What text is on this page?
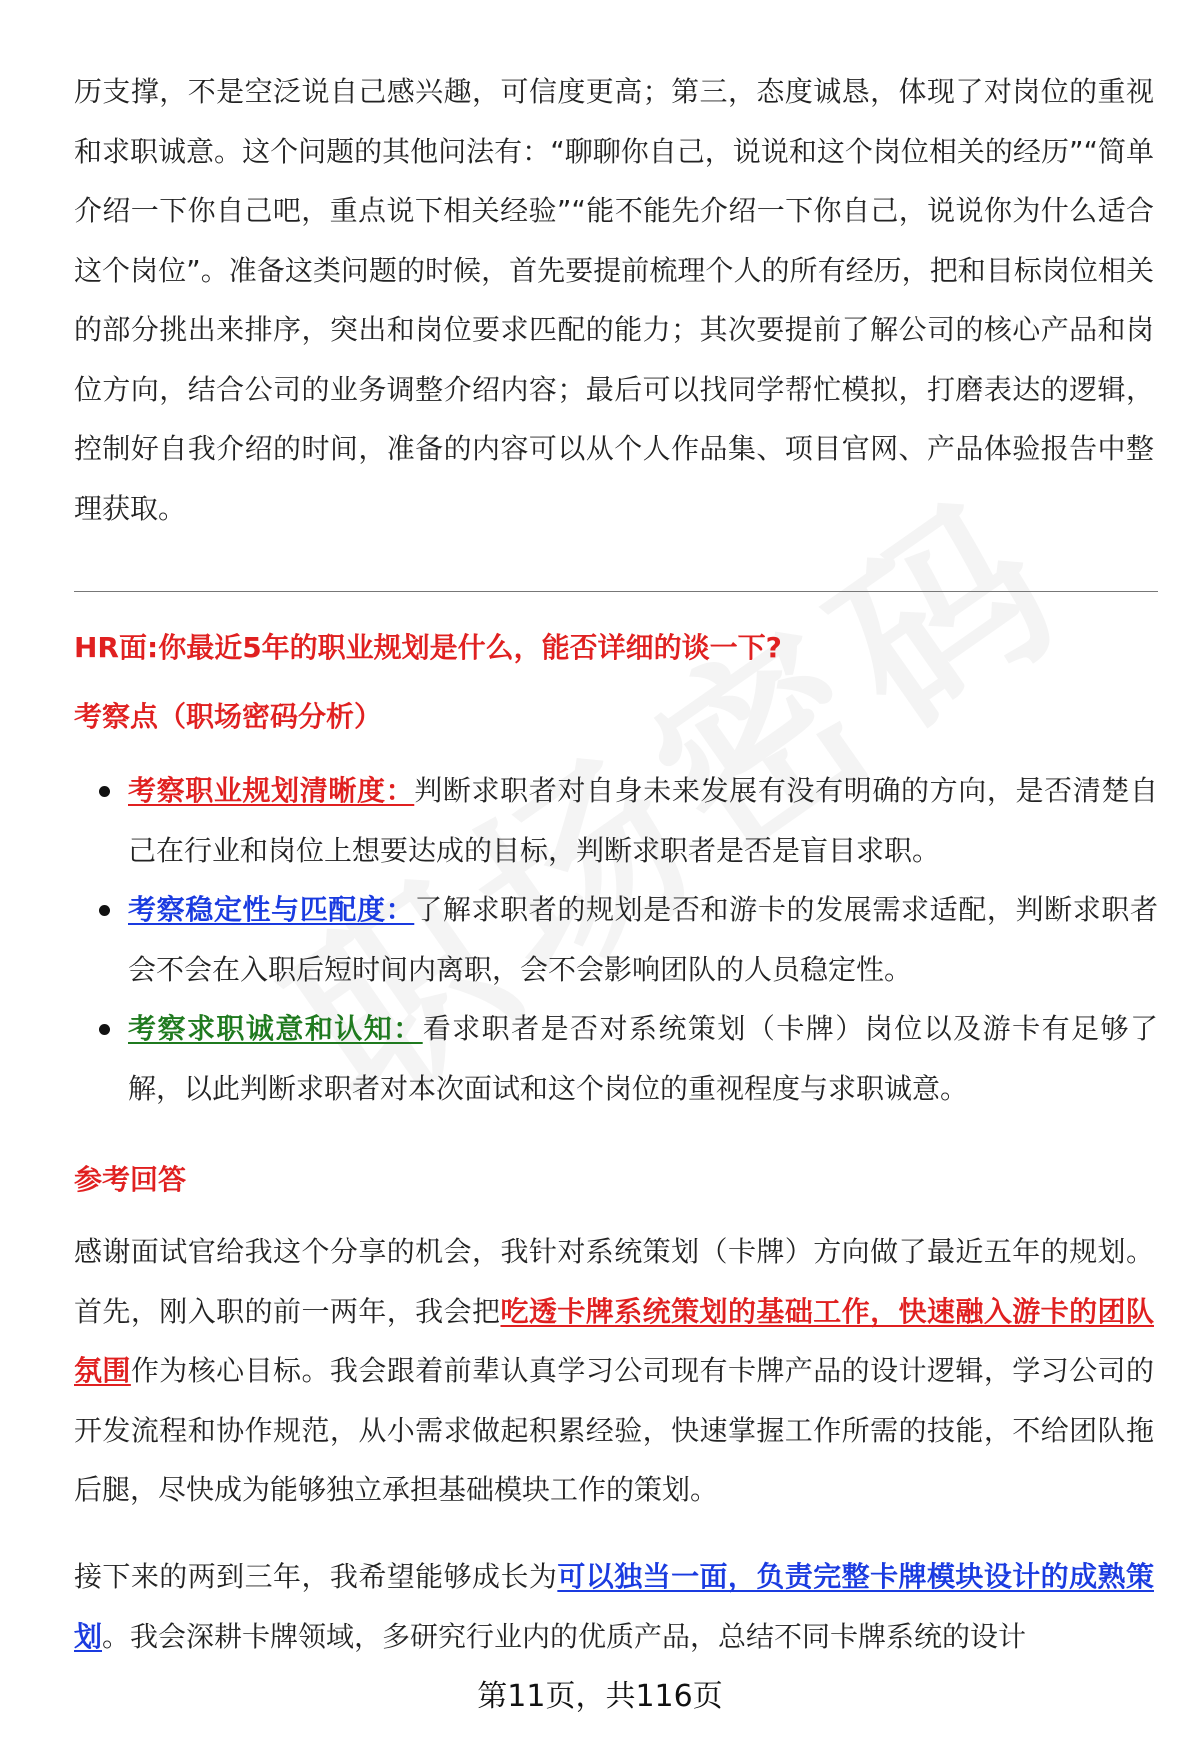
历支撑，不是空泛说自己感兴趣，可信度更高；第三，态度诚恳，体现了对岗位的重视和求职诚意。这个问题的其他问法有：“聊聊你自己，说说和这个岗位相关的经历”“简单介绍一下你自己吧，重点说下相关经验”“能不能先介绍一下你自己，说说你为什么适合这个岗位”。准备这类问题的时候，首先要提前梳理个人的所有经历，把和目标岗位相关的部分挑出来排序，突出和岗位要求匹配的能力；其次要提前了解公司的核心产品和岗位方向，结合公司的业务调整介绍内容；最后可以找同学帮忙模拟，打磨表达的逻辑，控制好自我介绍的时间，准备的内容可以从个人作品集、项目官网、产品体验报告中整理获取。

HR面:你最近5年的职业规划是什么，能否详细的谈一下?

考察点（职场密码分析）

考察职业规划清晰度：判断求职者对自身未来发展有没有明确的方向，是否清楚自己在行业和岗位上想要达成的目标，判断求职者是否是盲目求职。
考察稳定性与匹配度：了解求职者的规划是否和游卡的发展需求适配，判断求职者会不会在入职后短时间内离职，会不会影响团队的人员稳定性。
考察求职诚意和认知：看求职者是否对系统策划（卡牌）岗位以及游卡有足够了解，以此判断求职者对本次面试和这个岗位的重视程度与求职诚意。

参考回答

感谢面试官给我这个分享的机会，我针对系统策划（卡牌）方向做了最近五年的规划。首先，刚入职的前一两年，我会把吃透卡牌系统策划的基础工作，快速融入游卡的团队氛围作为核心目标。我会跟着前辈认真学习公司现有卡牌产品的设计逻辑，学习公司的开发流程和协作规范，从小需求做起积累经验，快速掌握工作所需的技能，不给团队拖后腿，尽快成为能够独立承担基础模块工作的策划。

接下来的两到三年，我希望能够成长为可以独当一面，负责完整卡牌模块设计的成熟策划。我会深耕卡牌领域，多研究行业内的优质产品，总结不同卡牌系统的设计

第11页，共116页
